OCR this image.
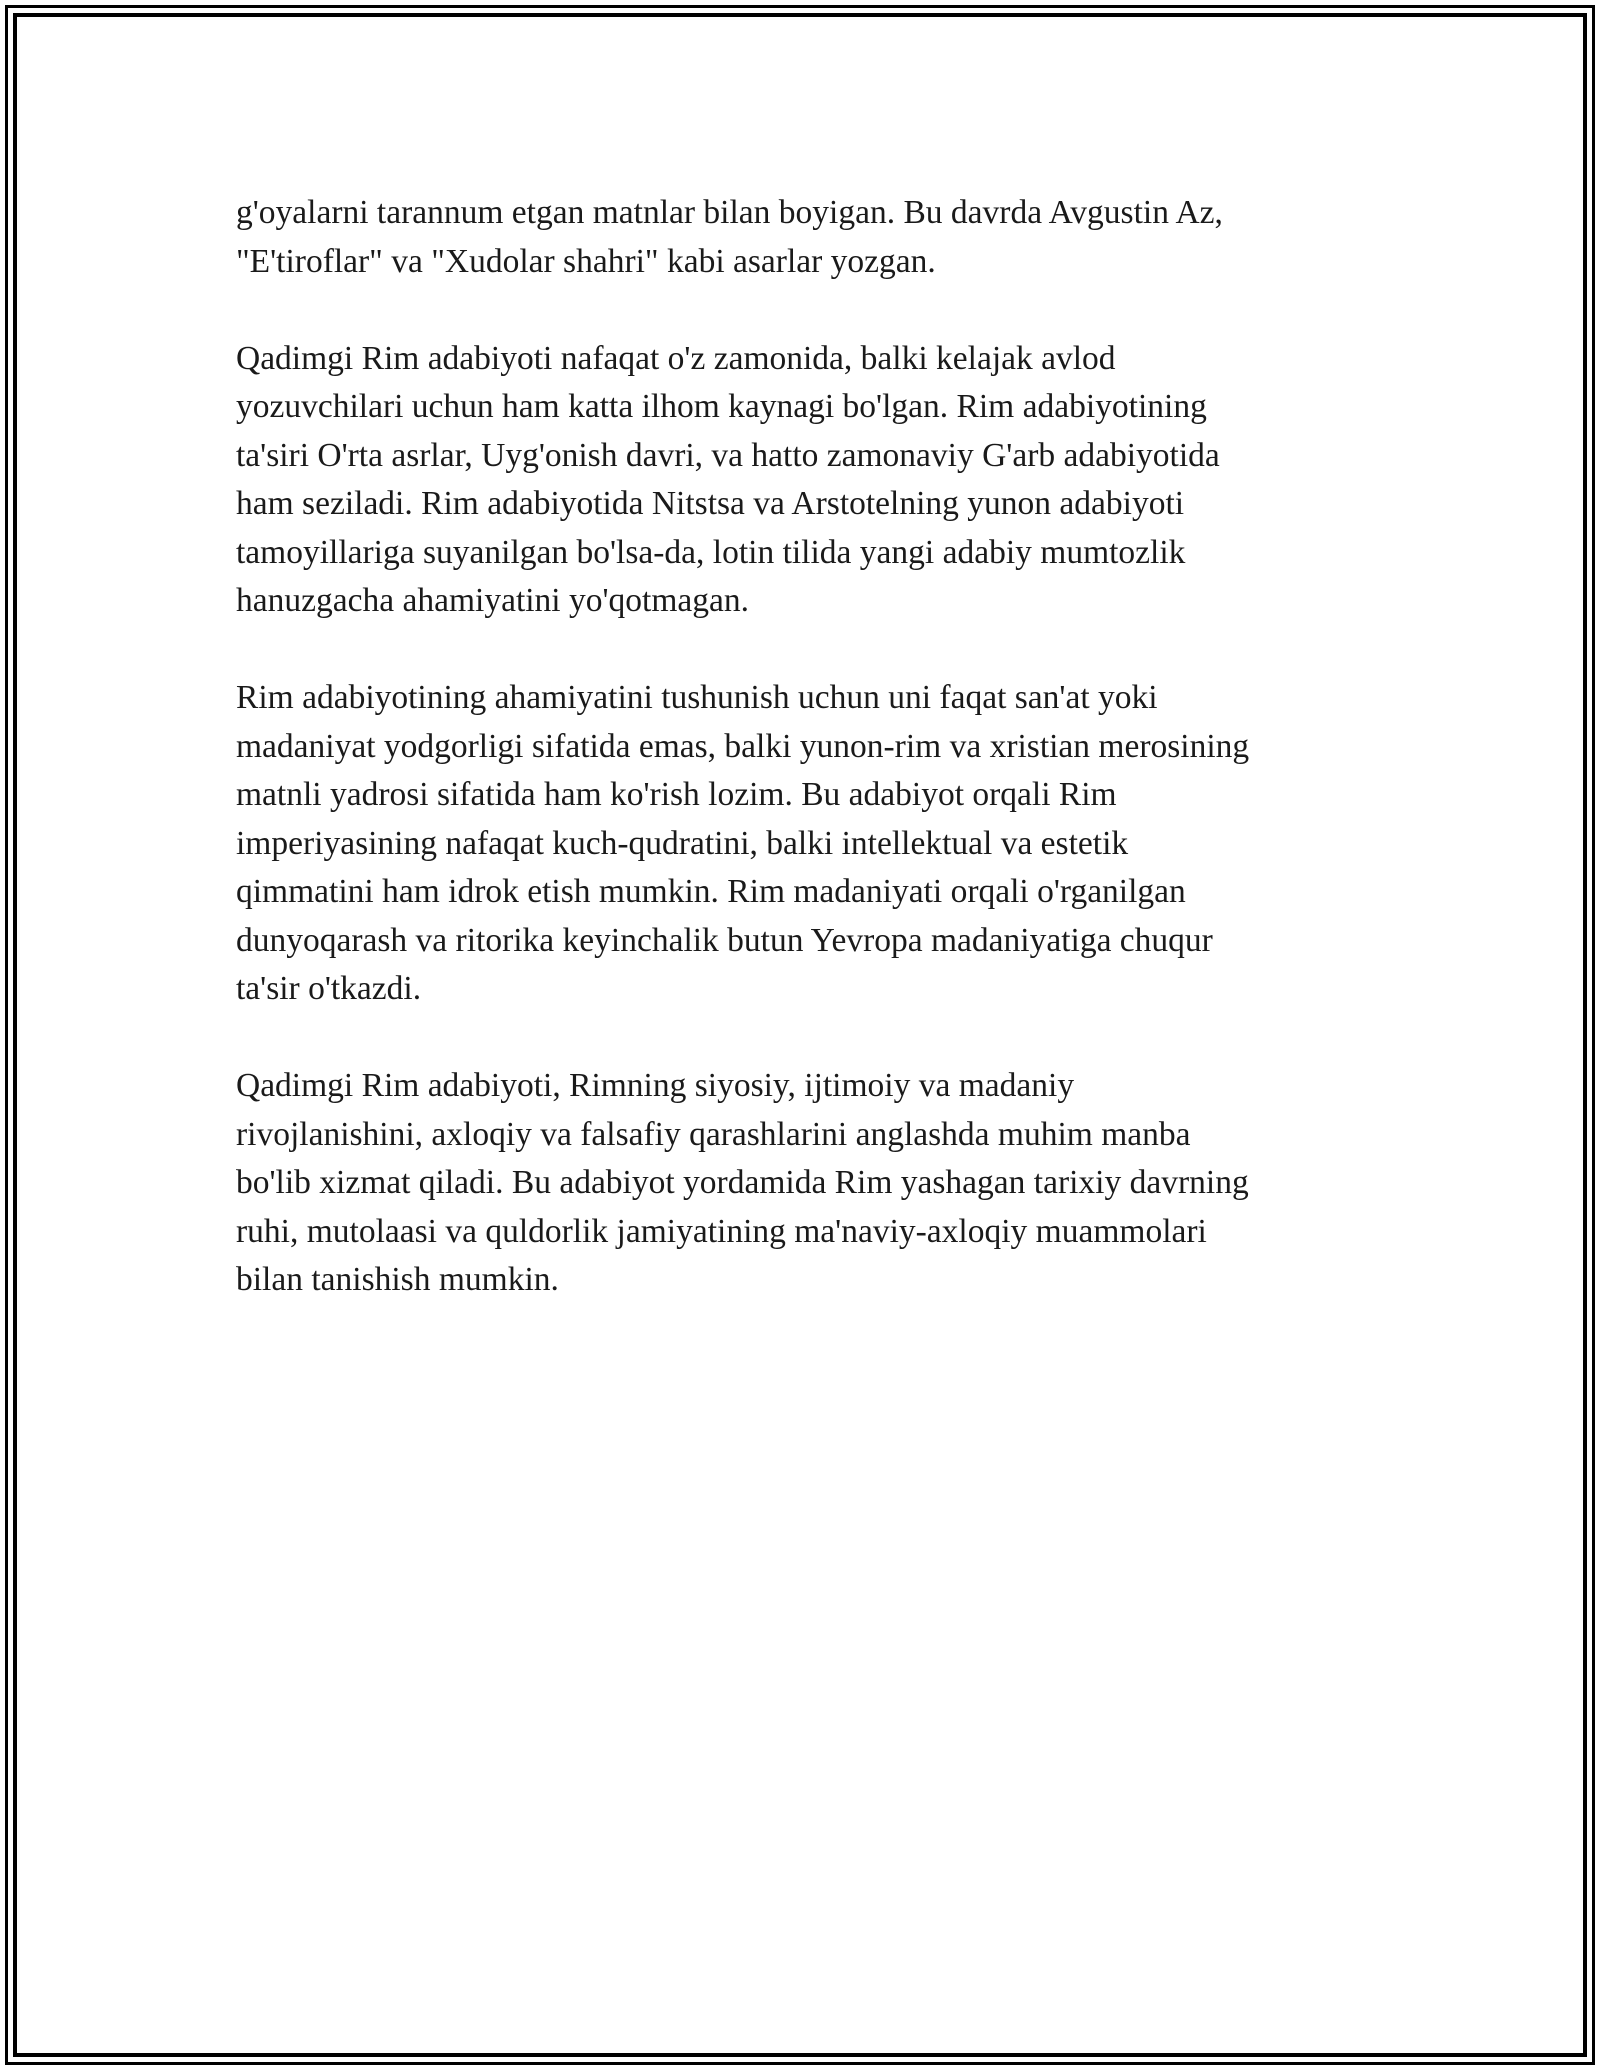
g'oyalarni tarannum etgan matnlar bilan boyigan. Bu davrda Avgustin Az,
"E'tiroflar" va "Xudolar shahri" kabi asarlar yozgan.

Qadimgi Rim adabiyoti nafaqat o'z zamonida, balki kelajak avlod
yozuvchilari uchun ham katta ilhom kaynagi bo'lgan. Rim adabiyotining
ta'siri O'rta asrlar, Uyg'onish davri, va hatto zamonaviy G'arb adabiyotida
ham seziladi. Rim adabiyotida Nitstsa va Arstotelning yunon adabiyoti
tamoyillariga suyanilgan bo'lsa-da, lotin tilida yangi adabiy mumtozlik
hanuzgacha ahamiyatini yo'qotmagan.

Rim adabiyotining ahamiyatini tushunish uchun uni faqat san'at yoki
madaniyat yodgorligi sifatida emas, balki yunon-rim va xristian merosining
matnli yadrosi sifatida ham ko'rish lozim. Bu adabiyot orqali Rim
imperiyasining nafaqat kuch-qudratini, balki intellektual va estetik
qimmatini ham idrok etish mumkin. Rim madaniyati orqali o'rganilgan
dunyoqarash va ritorika keyinchalik butun Yevropa madaniyatiga chuqur
ta'sir o'tkazdi.

Qadimgi Rim adabiyoti, Rimning siyosiy, ijtimoiy va madaniy
rivojlanishini, axloqiy va falsafiy qarashlarini anglashda muhim manba
bo'lib xizmat qiladi. Bu adabiyot yordamida Rim yashagan tarixiy davrning
ruhi, mutolaasi va quldorlik jamiyatining ma'naviy-axloqiy muammolari
bilan tanishish mumkin.
